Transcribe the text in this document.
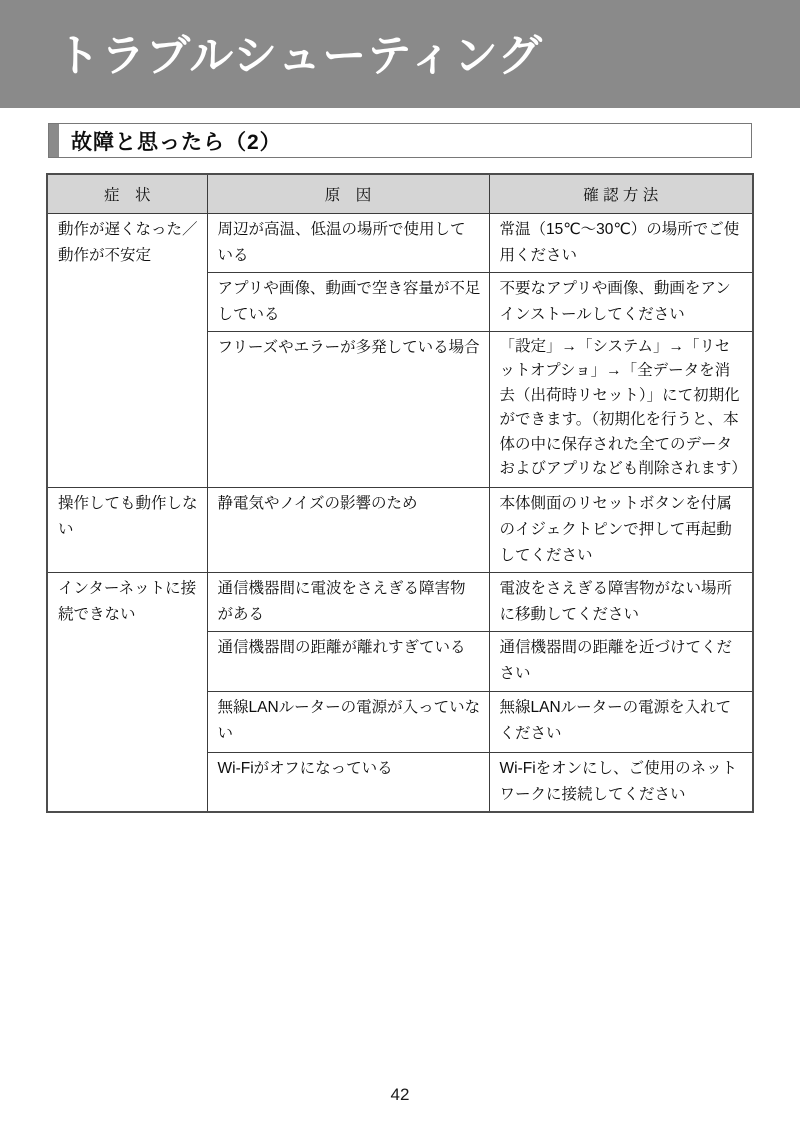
トラブルシューティング
故障と思ったら（2）
症　状	原　因	確 認 方 法
動作が遅くなった／動作が不安定	周辺が高温、低温の場所で使用している	常温（15℃～30℃）の場所でご使用ください
	アプリや画像、動画で空き容量が不足している	不要なアプリや画像、動画をアンインストールしてください
	フリーズやエラーが多発している場合	「設定」→「システム」→「リセットオプショ」→「全データを消去（出荷時リセット）」にて初期化ができます。（初期化を行うと、本体の中に保存された全てのデータおよびアプリなども削除されます）
操作しても動作しない	静電気やノイズの影響のため	本体側面のリセットボタンを付属のイジェクトピンで押して再起動してください
インターネットに接続できない	通信機器間に電波をさえぎる障害物がある	電波をさえぎる障害物がない場所に移動してください
	通信機器間の距離が離れすぎている	通信機器間の距離を近づけてください
	無線LANルーターの電源が入っていない	無線LANルーターの電源を入れてください
	Wi-Fiがオフになっている	Wi-Fiをオンにし、ご使用のネットワークに接続してください
42
